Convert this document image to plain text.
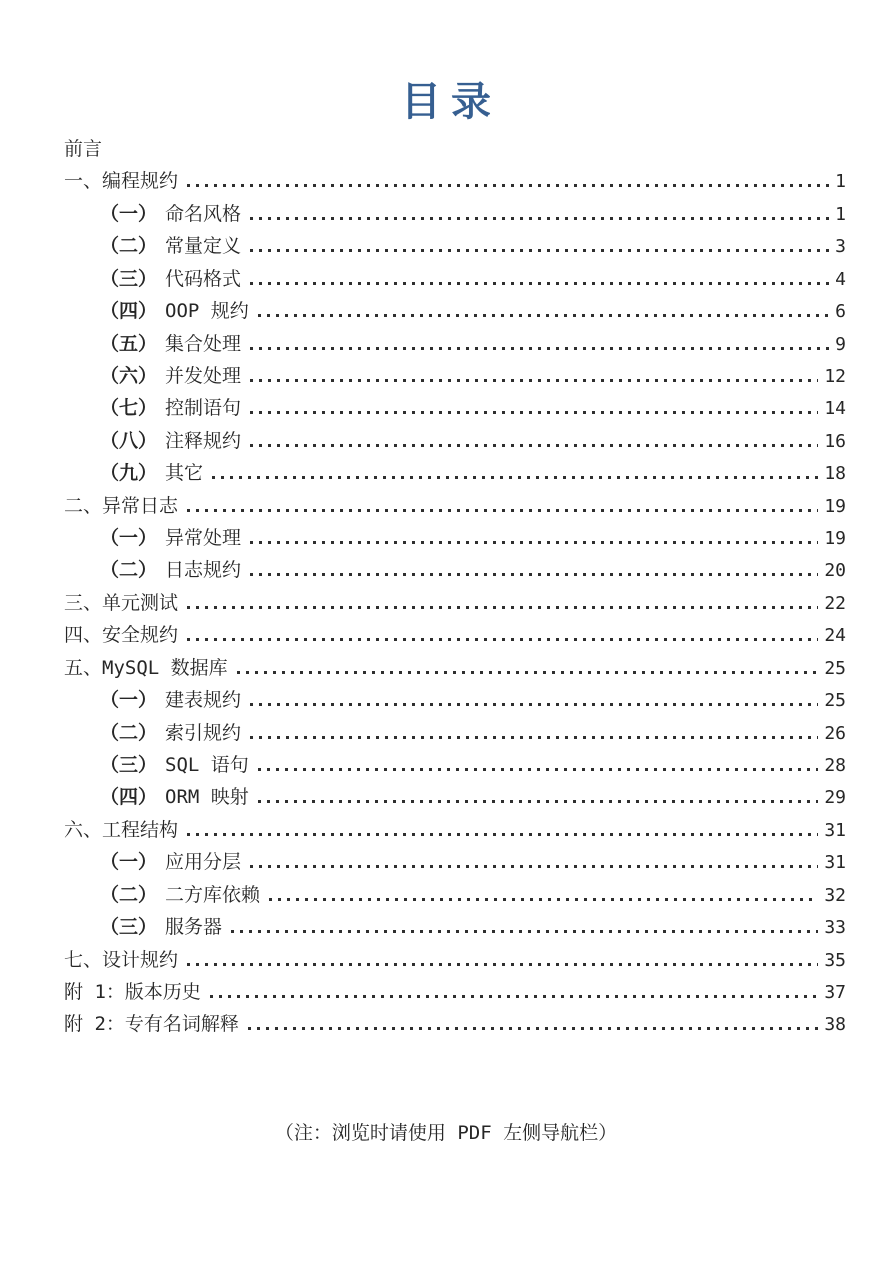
目录
前言
一、编程规约	1
（一） 命名风格	1
（二） 常量定义	3
（三） 代码格式	4
（四） OOP 规约	6
（五） 集合处理	9
（六） 并发处理	12
（七） 控制语句	14
（八） 注释规约	16
（九） 其它	18
二、异常日志	19
（一） 异常处理	19
（二） 日志规约	20
三、单元测试	22
四、安全规约	24
五、MySQL 数据库	25
（一） 建表规约	25
（二） 索引规约	26
（三） SQL 语句	28
（四） ORM 映射	29
六、工程结构	31
（一） 应用分层	31
（二） 二方库依赖	32
（三） 服务器	33
七、设计规约	35
附 1：版本历史	37
附 2：专有名词解释	38
（注：浏览时请使用 PDF 左侧导航栏）
